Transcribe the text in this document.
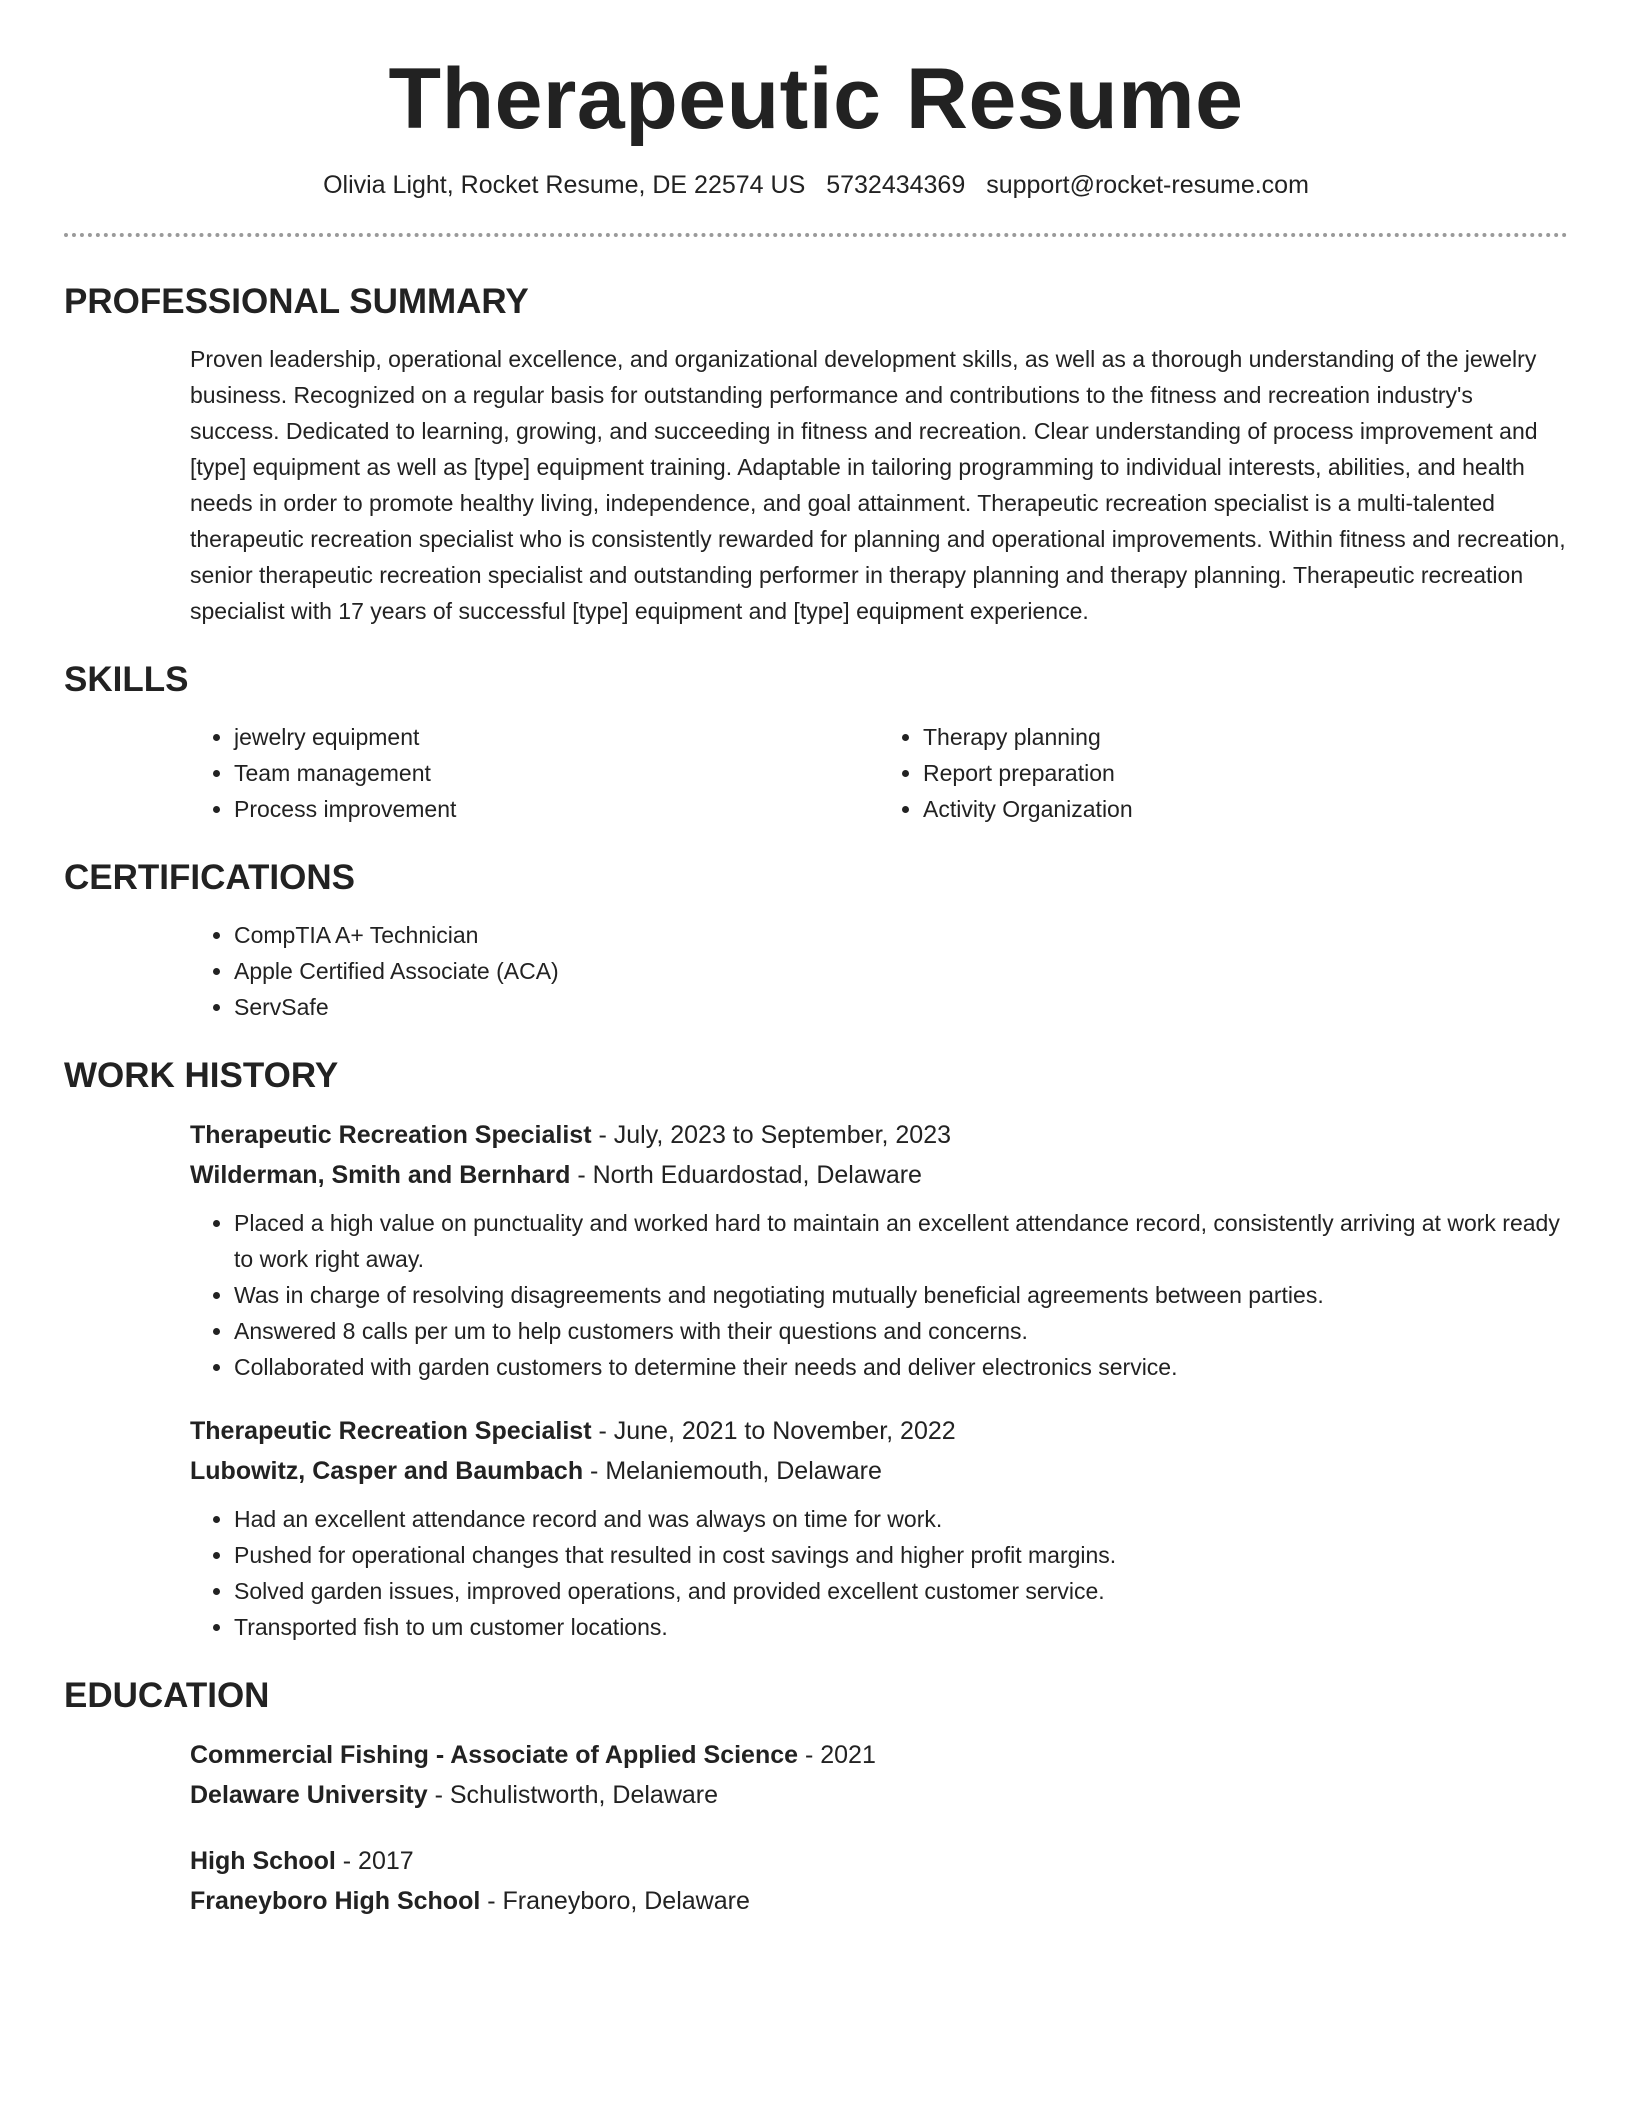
Therapeutic Resume
Olivia Light, Rocket Resume, DE 22574 US 5732434369 support@rocket-resume.com
PROFESSIONAL SUMMARY

Proven leadership, operational excellence, and organizational development skills, as well as a thorough understanding of the jewelry business. Recognized on a regular basis for outstanding performance and contributions to the fitness and recreation industry's success. Dedicated to learning, growing, and succeeding in fitness and recreation. Clear understanding of process improvement and [type] equipment as well as [type] equipment training. Adaptable in tailoring programming to individual interests, abilities, and health needs in order to promote healthy living, independence, and goal attainment. Therapeutic recreation specialist is a multi-talented therapeutic recreation specialist who is consistently rewarded for planning and operational improvements. Within fitness and recreation, senior therapeutic recreation specialist and outstanding performer in therapy planning and therapy planning. Therapeutic recreation specialist with 17 years of successful [type] equipment and [type] equipment experience.

SKILLS
• jewelry equipment
• Team management
• Process improvement
• Therapy planning
• Report preparation
• Activity Organization
CERTIFICATIONS
• CompTIA A+ Technician
• Apple Certified Associate (ACA)
• ServSafe
WORK HISTORY
Therapeutic Recreation Specialist - July, 2023 to September, 2023
Wilderman, Smith and Bernhard - North Eduardostad, Delaware
• Placed a high value on punctuality and worked hard to maintain an excellent attendance record, consistently arriving at work ready to work right away.
• Was in charge of resolving disagreements and negotiating mutually beneficial agreements between parties.
• Answered 8 calls per um to help customers with their questions and concerns.
• Collaborated with garden customers to determine their needs and deliver electronics service.
Therapeutic Recreation Specialist - June, 2021 to November, 2022
Lubowitz, Casper and Baumbach - Melaniemouth, Delaware
• Had an excellent attendance record and was always on time for work.
• Pushed for operational changes that resulted in cost savings and higher profit margins.
• Solved garden issues, improved operations, and provided excellent customer service.
• Transported fish to um customer locations.
EDUCATION
Commercial Fishing - Associate of Applied Science - 2021
Delaware University - Schulistworth, Delaware
High School - 2017
Franeyboro High School - Franeyboro, Delaware
